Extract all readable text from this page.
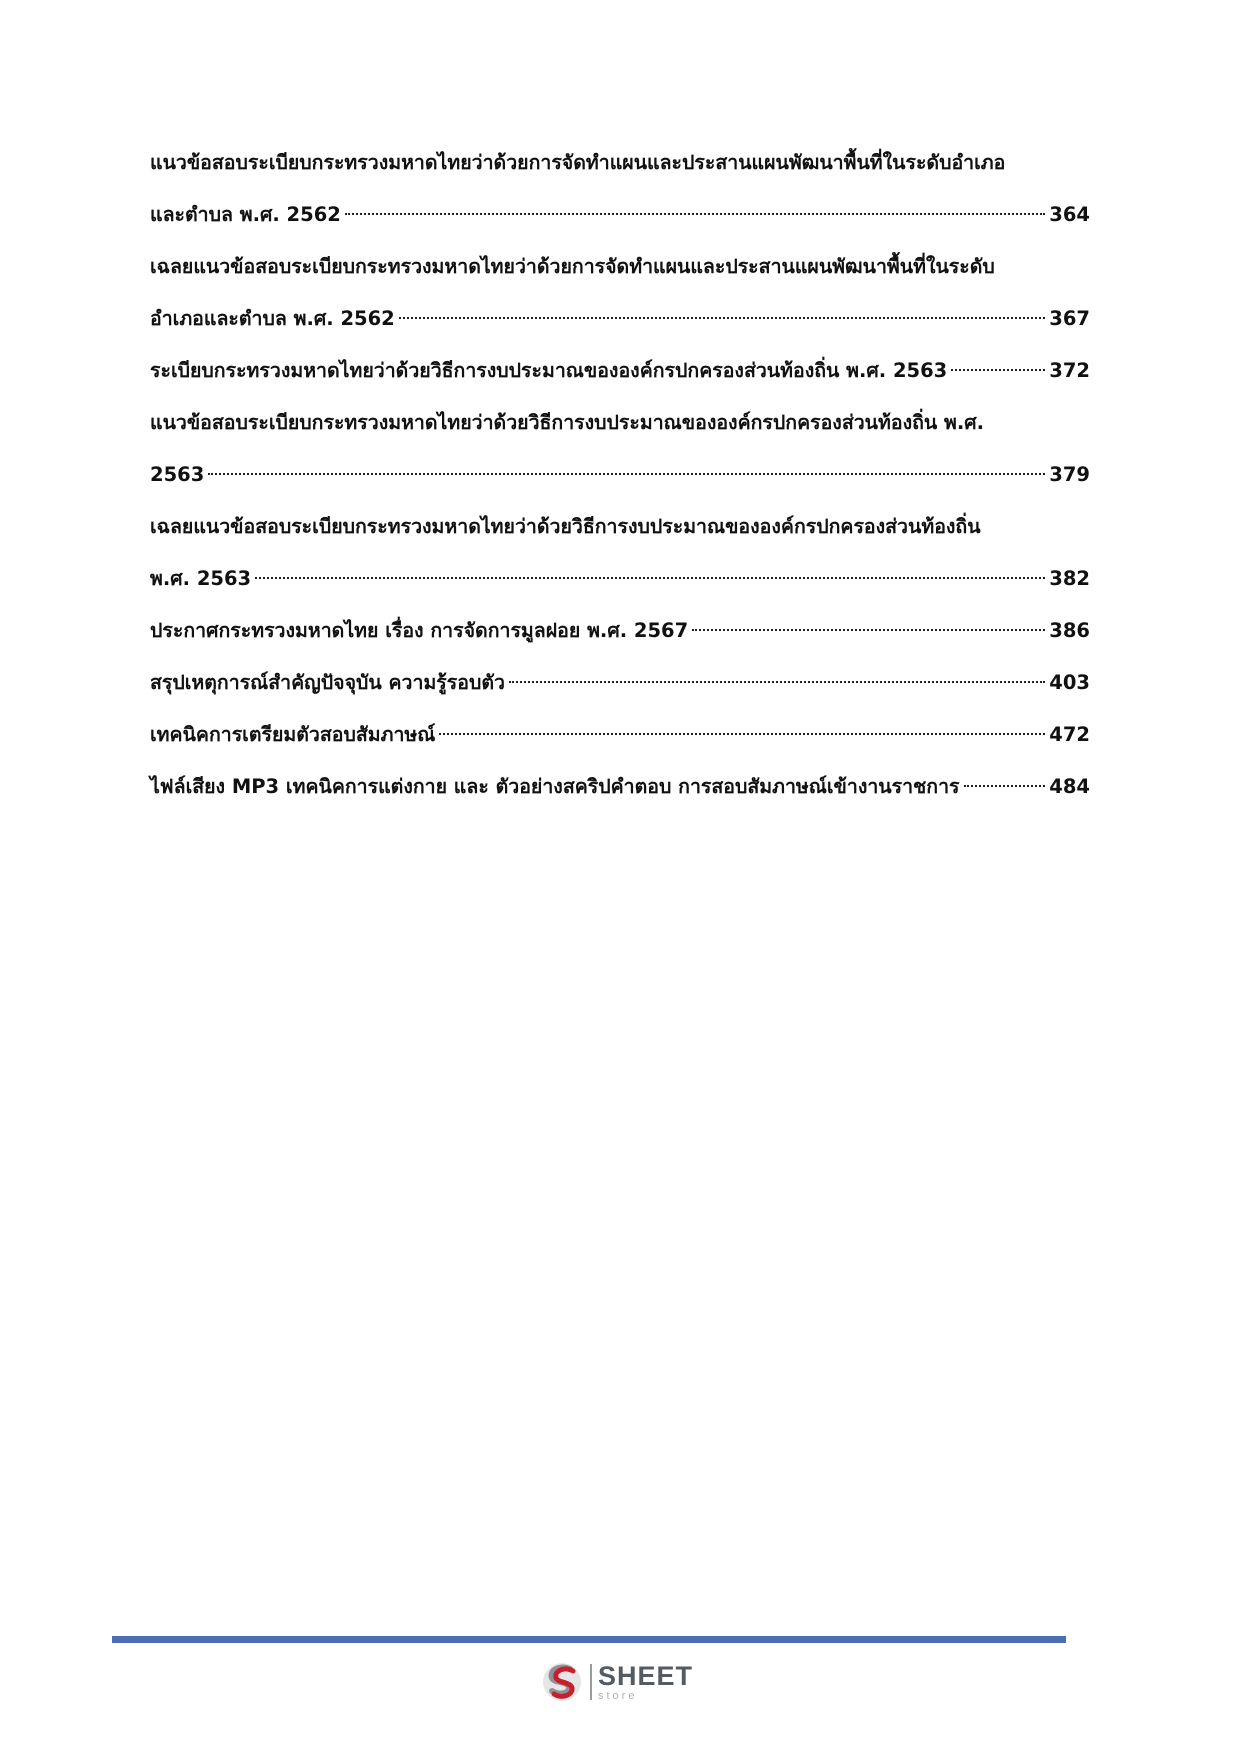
แนวข้อสอบระเบียบกระทรวงมหาดไทยว่าด้วยการจัดทำแผนและประสานแผนพัฒนาพื้นที่ในระดับอำเภอ
และตำบล พ.ศ. 2562	364
เฉลยแนวข้อสอบระเบียบกระทรวงมหาดไทยว่าด้วยการจัดทำแผนและประสานแผนพัฒนาพื้นที่ในระดับ
อำเภอและตำบล พ.ศ. 2562	367
ระเบียบกระทรวงมหาดไทยว่าด้วยวิธีการงบประมาณขององค์กรปกครองส่วนท้องถิ่น พ.ศ. 2563	372
แนวข้อสอบระเบียบกระทรวงมหาดไทยว่าด้วยวิธีการงบประมาณขององค์กรปกครองส่วนท้องถิ่น พ.ศ.
2563	379
เฉลยแนวข้อสอบระเบียบกระทรวงมหาดไทยว่าด้วยวิธีการงบประมาณขององค์กรปกครองส่วนท้องถิ่น
พ.ศ. 2563	382
ประกาศกระทรวงมหาดไทย เรื่อง การจัดการมูลฝอย พ.ศ. 2567	386
สรุปเหตุการณ์สำคัญปัจจุบัน ความรู้รอบตัว	403
เทคนิคการเตรียมตัวสอบสัมภาษณ์	472
ไฟล์เสียง MP3 เทคนิคการแต่งกาย และ ตัวอย่างสคริปคำตอบ การสอบสัมภาษณ์เข้างานราชการ	484
SHEET
store
